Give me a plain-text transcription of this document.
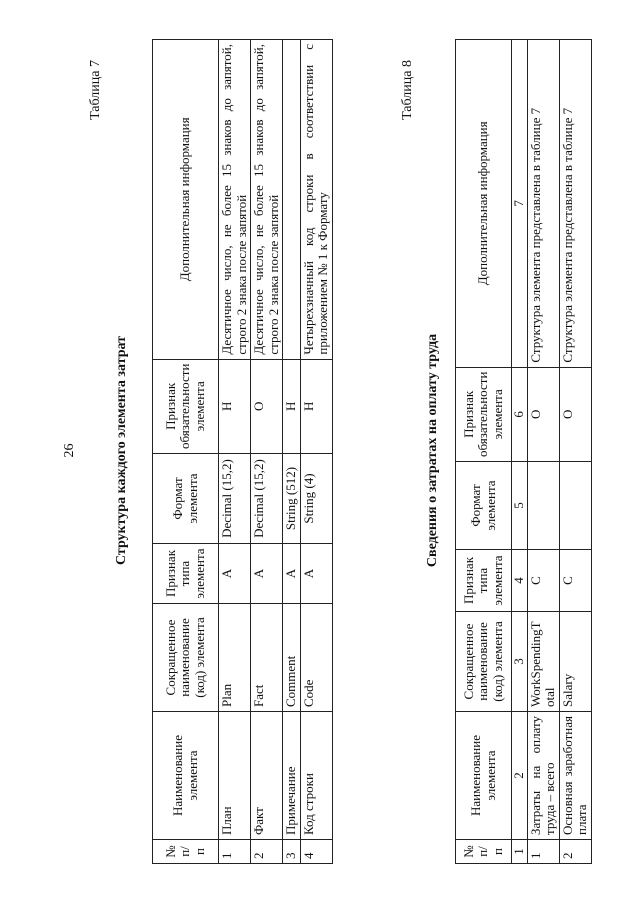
26
Таблица 7
Структура каждого элемента затрат
№ п/п	Наименование элемента	Сокращенное наименование (код) элемента	Признак типа элемента	Формат элемента	Признак обязательности элемента	Дополнительная информация
1	План	Plan	А	Decimal (15,2)	Н	Десятичное число, не более 15 знаков до запятой, строго 2 знака после запятой
2	Факт	Fact	А	Decimal (15,2)	О	Десятичное число, не более 15 знаков до запятой, строго 2 знака после запятой
3	Примечание	Comment	А	String (512)	Н	
4	Код строки	Code	А	String (4)	Н	Четырехзначный код строки в соответствии с приложением № 1 к Формату
Таблица 8
Сведения о затратах на оплату труда
№ п/п	Наименование элемента	Сокращенное наименование (код) элемента	Признак типа элемента	Формат элемента	Признак обязательности элемента	Дополнительная информация
1	2	3	4	5	6	7
1	Затраты на оплату труда – всего	WorkSpendingTotal	С		О	Структура элемента представлена в таблице 7
2	Основная заработная плата	Salary	С		О	Структура элемента представлена в таблице 7
